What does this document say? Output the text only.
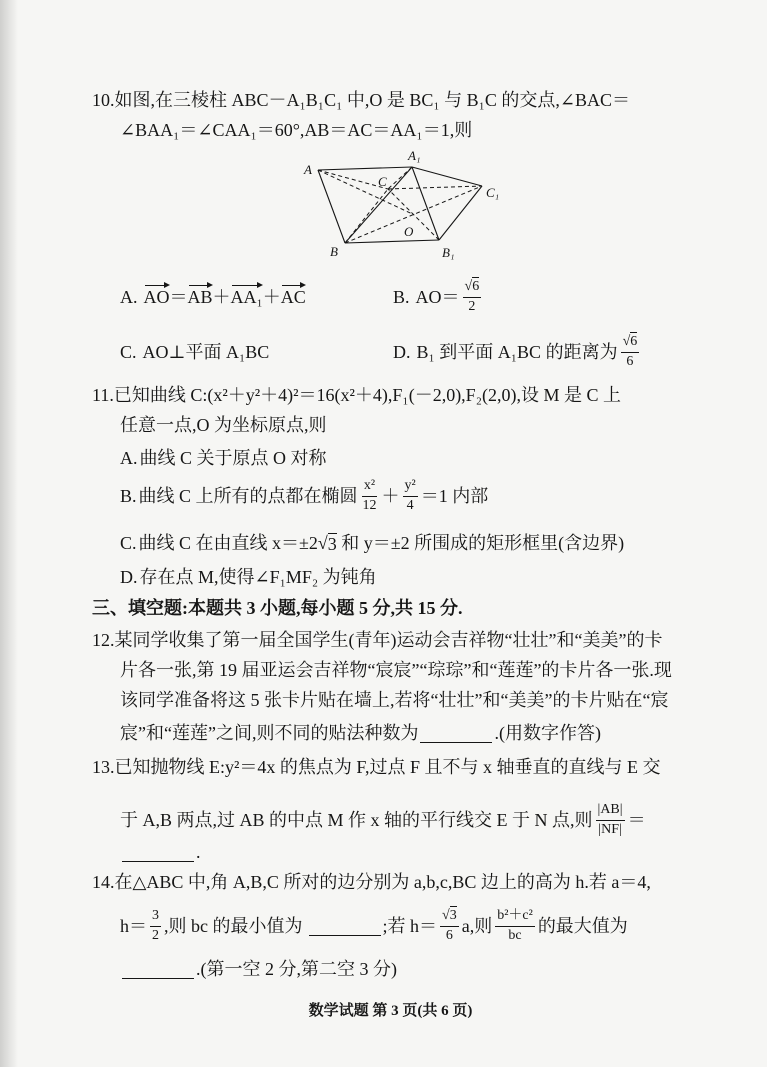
10. 如图,在三棱柱 ABC－A₁B₁C₁ 中,O 是 BC₁ 与 B₁C 的交点,∠BAC＝
∠BAA₁＝∠CAA₁＝60°,AB＝AC＝AA₁＝1,则
A
A₁
C
C₁
O
B	B₁
A. AO ＝ AB ＋ AA₁ ＋ AC	B. $AO= \frac{√6}{2}$
C. AO⊥平面 A₁BC	D. B₁ 到平面 A₁BC 的距离为 $\frac{√6}{6}$
11. 已知曲线 C:(x²＋y²＋4)²＝16(x²＋4),F₁(－2,0),F₂(2,0),设 M 是 C 上
任意一点,O 为坐标原点,则
A. 曲线 C 关于原点 O 对称
B. 曲线 C 上所有的点都在椭圆 $\frac{\text{x²}}{12} + \frac{\text{y²}}{4} =1$ 内部
C. 曲线 C 在由直线 x＝±2 √ 3 和 y＝±2 所围成的矩形框里(含边界)
D. 存在点 M,使得∠F₁MF₂ 为钝角
三、填空题:本题共 3 小题,每小题 5 分,共 15 分.
12. 某同学收集了第一届全国学生(青年)运动会吉祥物“壮壮”和“美美”的卡
片各一张,第 19 届亚运会吉祥物“宸宸”“琮琮”和“莲莲”的卡片各一张.现
该同学准备将这 5 张卡片贴在墙上,若将“壮壮”和“美美”的卡片贴在“宸
宸”和“莲莲”之间,则不同的贴法种数为	.(用数字作答)
13. 已知抛物线 E:y²＝4x 的焦点为 F,过点 F 且不与 x 轴垂直的直线与 E 交
于 A,B 两点,过 AB 的中点 M 作 x 轴的平行线交 E 于 N 点,则 $\frac{|AB|}{|NF|}$ ＝
.
14. 在△ABC 中,角 A,B,C 所对的边分别为 a,b,c,BC 边上的高为 h.若 a＝4,
$h= \frac{3}{2}$ ,则 bc 的最小值为	;若 $h= \frac{√3}{6} a$,则 $\frac{\text{b²＋c²}}{bc}$ 的最大值为
.(第一空 2 分,第二空 3 分)
数学试题 第 3 页(共 6 页)
